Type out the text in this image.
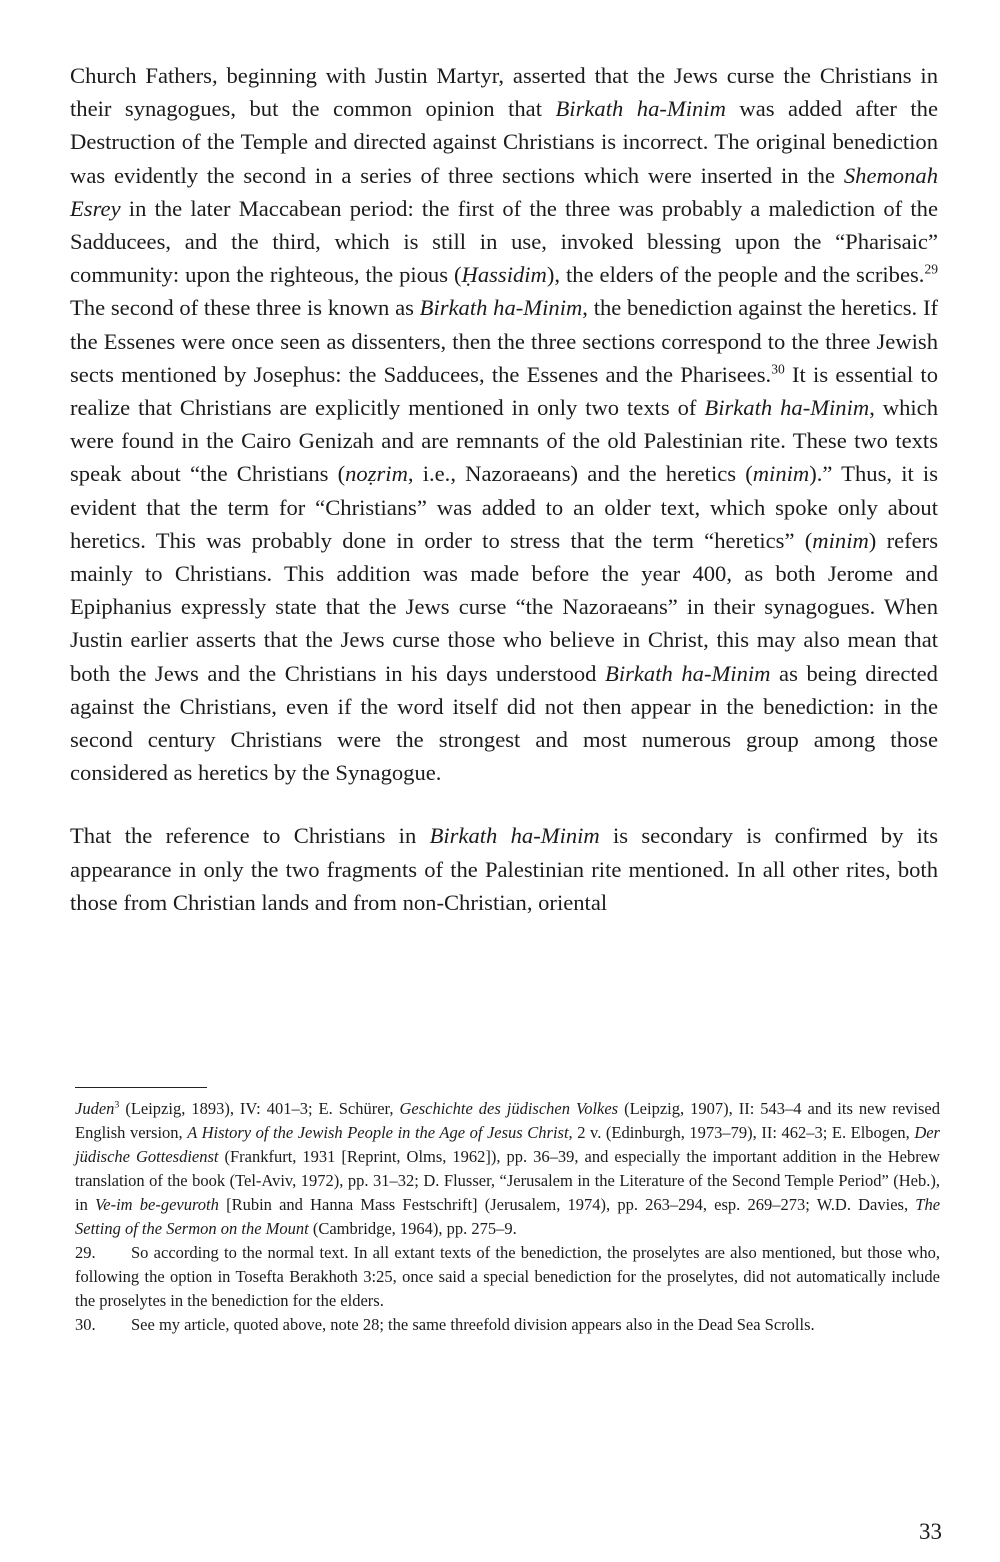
Church Fathers, beginning with Justin Martyr, asserted that the Jews curse the Christians in their synagogues, but the common opinion that Birkath ha-Minim was added after the Destruction of the Temple and directed against Christians is incorrect. The original benediction was evidently the second in a series of three sections which were inserted in the Shemonah Esrey in the later Maccabean period: the first of the three was probably a malediction of the Sadducees, and the third, which is still in use, invoked blessing upon the “Pharisaic” community: upon the righteous, the pious (Ḥassidim), the elders of the people and the scribes.$^{29}$ The second of these three is known as Birkath ha-Minim, the benediction against the heretics. If the Essenes were once seen as dissenters, then the three sections correspond to the three Jewish sects mentioned by Josephus: the Sadducees, the Essenes and the Pharisees.$^{30}$ It is essential to realize that Christians are explicitly mentioned in only two texts of Birkath ha-Minim, which were found in the Cairo Genizah and are remnants of the old Palestinian rite. These two texts speak about “the Christians (noẓrim, i.e., Nazoraeans) and the heretics (minim).” Thus, it is evident that the term for “Christians” was added to an older text, which spoke only about heretics. This was probably done in order to stress that the term “heretics” (minim) refers mainly to Christians. This addition was made before the year 400, as both Jerome and Epiphanius expressly state that the Jews curse “the Nazoraeans” in their synagogues. When Justin earlier asserts that the Jews curse those who believe in Christ, this may also mean that both the Jews and the Christians in his days understood Birkath ha-Minim as being directed against the Christians, even if the word itself did not then appear in the benediction: in the second century Christians were the strongest and most numerous group among those considered as heretics by the Synagogue.

That the reference to Christians in Birkath ha-Minim is secondary is confirmed by its appearance in only the two fragments of the Palestinian rite mentioned. In all other rites, both those from Christian lands and from non-Christian, oriental

Juden$^3$ (Leipzig, 1893), IV: 401–3; E. Schürer, Geschichte des jüdischen Volkes (Leipzig, 1907), II: 543–4 and its new revised English version, A History of the Jewish People in the Age of Jesus Christ, 2 v. (Edinburgh, 1973–79), II: 462–3; E. Elbogen, Der jüdische Gottesdienst (Frankfurt, 1931 [Reprint, Olms, 1962]), pp. 36–39, and especially the important addition in the Hebrew translation of the book (Tel-Aviv, 1972), pp. 31–32; D. Flusser, “Jerusalem in the Literature of the Second Temple Period” (Heb.), in Ve-im be-gevuroth [Rubin and Hanna Mass Festschrift] (Jerusalem, 1974), pp. 263–294, esp. 269–273; W.D. Davies, The Setting of the Sermon on the Mount (Cambridge, 1964), pp. 275–9.

29. So according to the normal text. In all extant texts of the benediction, the proselytes are also mentioned, but those who, following the option in Tosefta Berakhoth 3:25, once said a special benediction for the proselytes, did not automatically include the proselytes in the benediction for the elders.

30. See my article, quoted above, note 28; the same threefold division appears also in the Dead Sea Scrolls.

33
